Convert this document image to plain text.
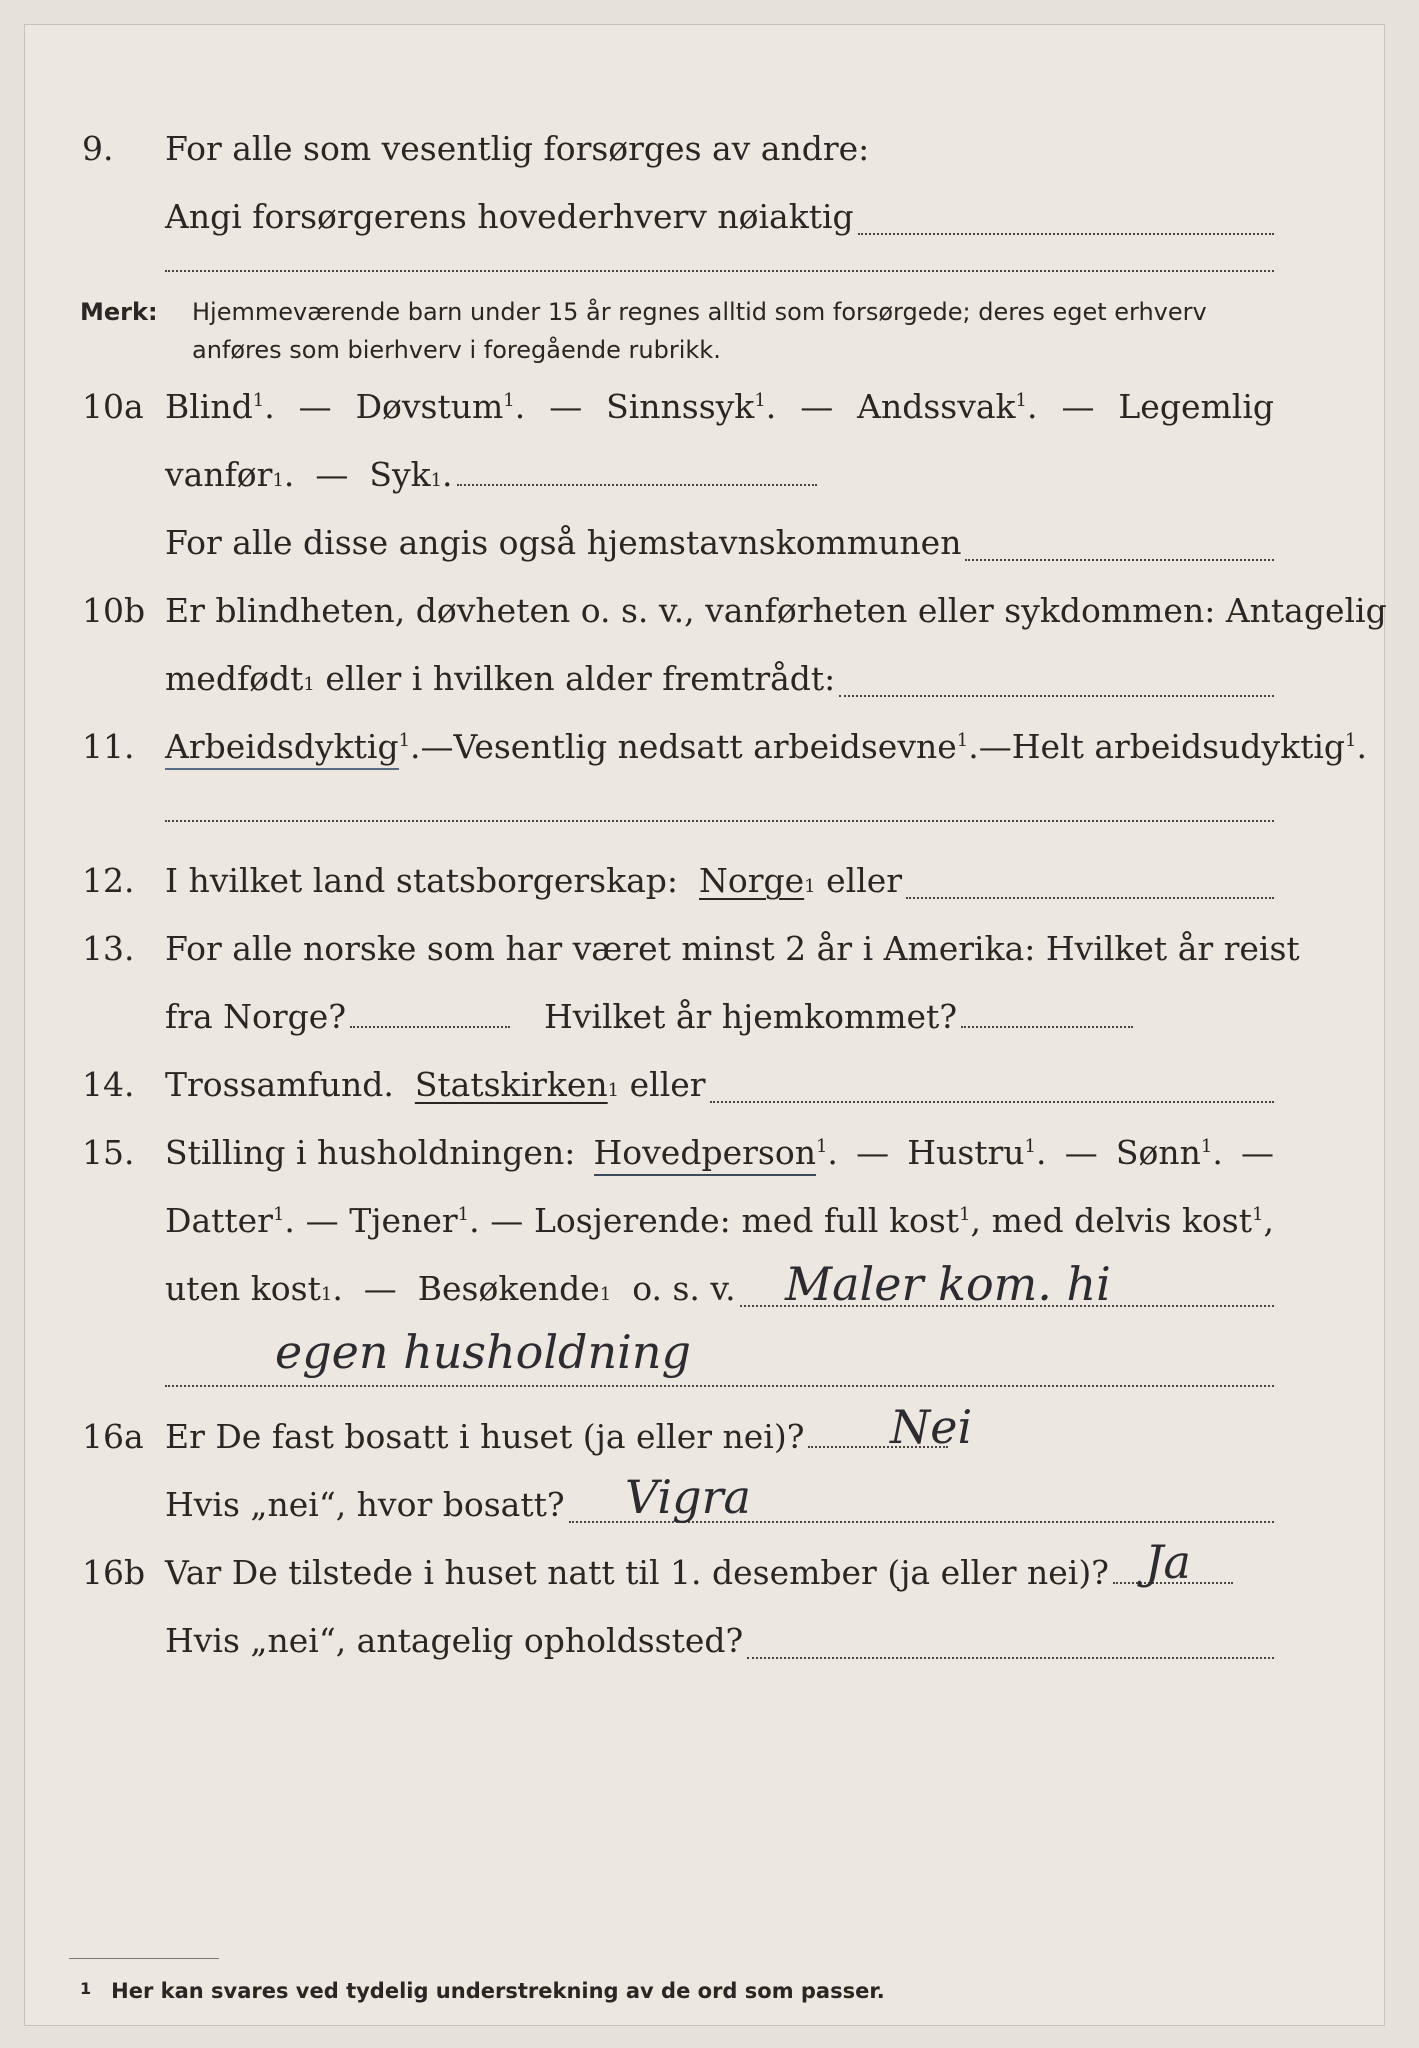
9. For alle som vesentlig forsørges av andre:
Angi forsørgerens hovederhverv nøiaktig
Merk: Hjemmeværende barn under 15 år regnes alltid som forsørgede; deres eget erhverv anføres som bierhverv i foregående rubrikk.
10a Blind$^1$. — Døvstum$^1$. — Sinnssyk$^1$. — Andssvak$^1$. — Legemlig
vanfør 1 .  — Syk 1 .
For alle disse angis også hjemstavnskommunen
10b Er blindheten, døvheten o. s. v., vanførheten eller sykdommen: Antagelig
medfødt 1
eller i hvilken alder fremtrådt:
11. Arbeidsdyktig$^1$. — Vesentlig nedsatt arbeidsevne$^1$. — Helt arbeidsudyktig$^1$.
12. I hvilket land statsborgerskap:
Norge 1
eller
13. For alle norske som har været minst 2 år i Amerika: Hvilket år reist
fra Norge?	Hvilket år hjemkommet?
14. Trossamfund.
Statskirken 1
eller
15. Stilling i husholdningen: Hovedperson$^1$. — Hustru$^1$. — Sønn$^1$. —
Datter$^1$. — Tjener$^1$. — Losjerende: med full kost$^1$, med delvis kost$^1$,
uten kost 1 .  — Besøkende 1
o. s. v. Maler kom. hi
egen husholdning
16a Er De fast bosatt i huset (ja eller nei)? Nei
Hvis „nei“, hvor bosatt? Vigra
16b Var De tilstede i huset natt til 1. desember (ja eller nei)? Ja
Hvis „nei“, antagelig opholdssted?
1 Her kan svares ved tydelig understrekning av de ord som passer.
